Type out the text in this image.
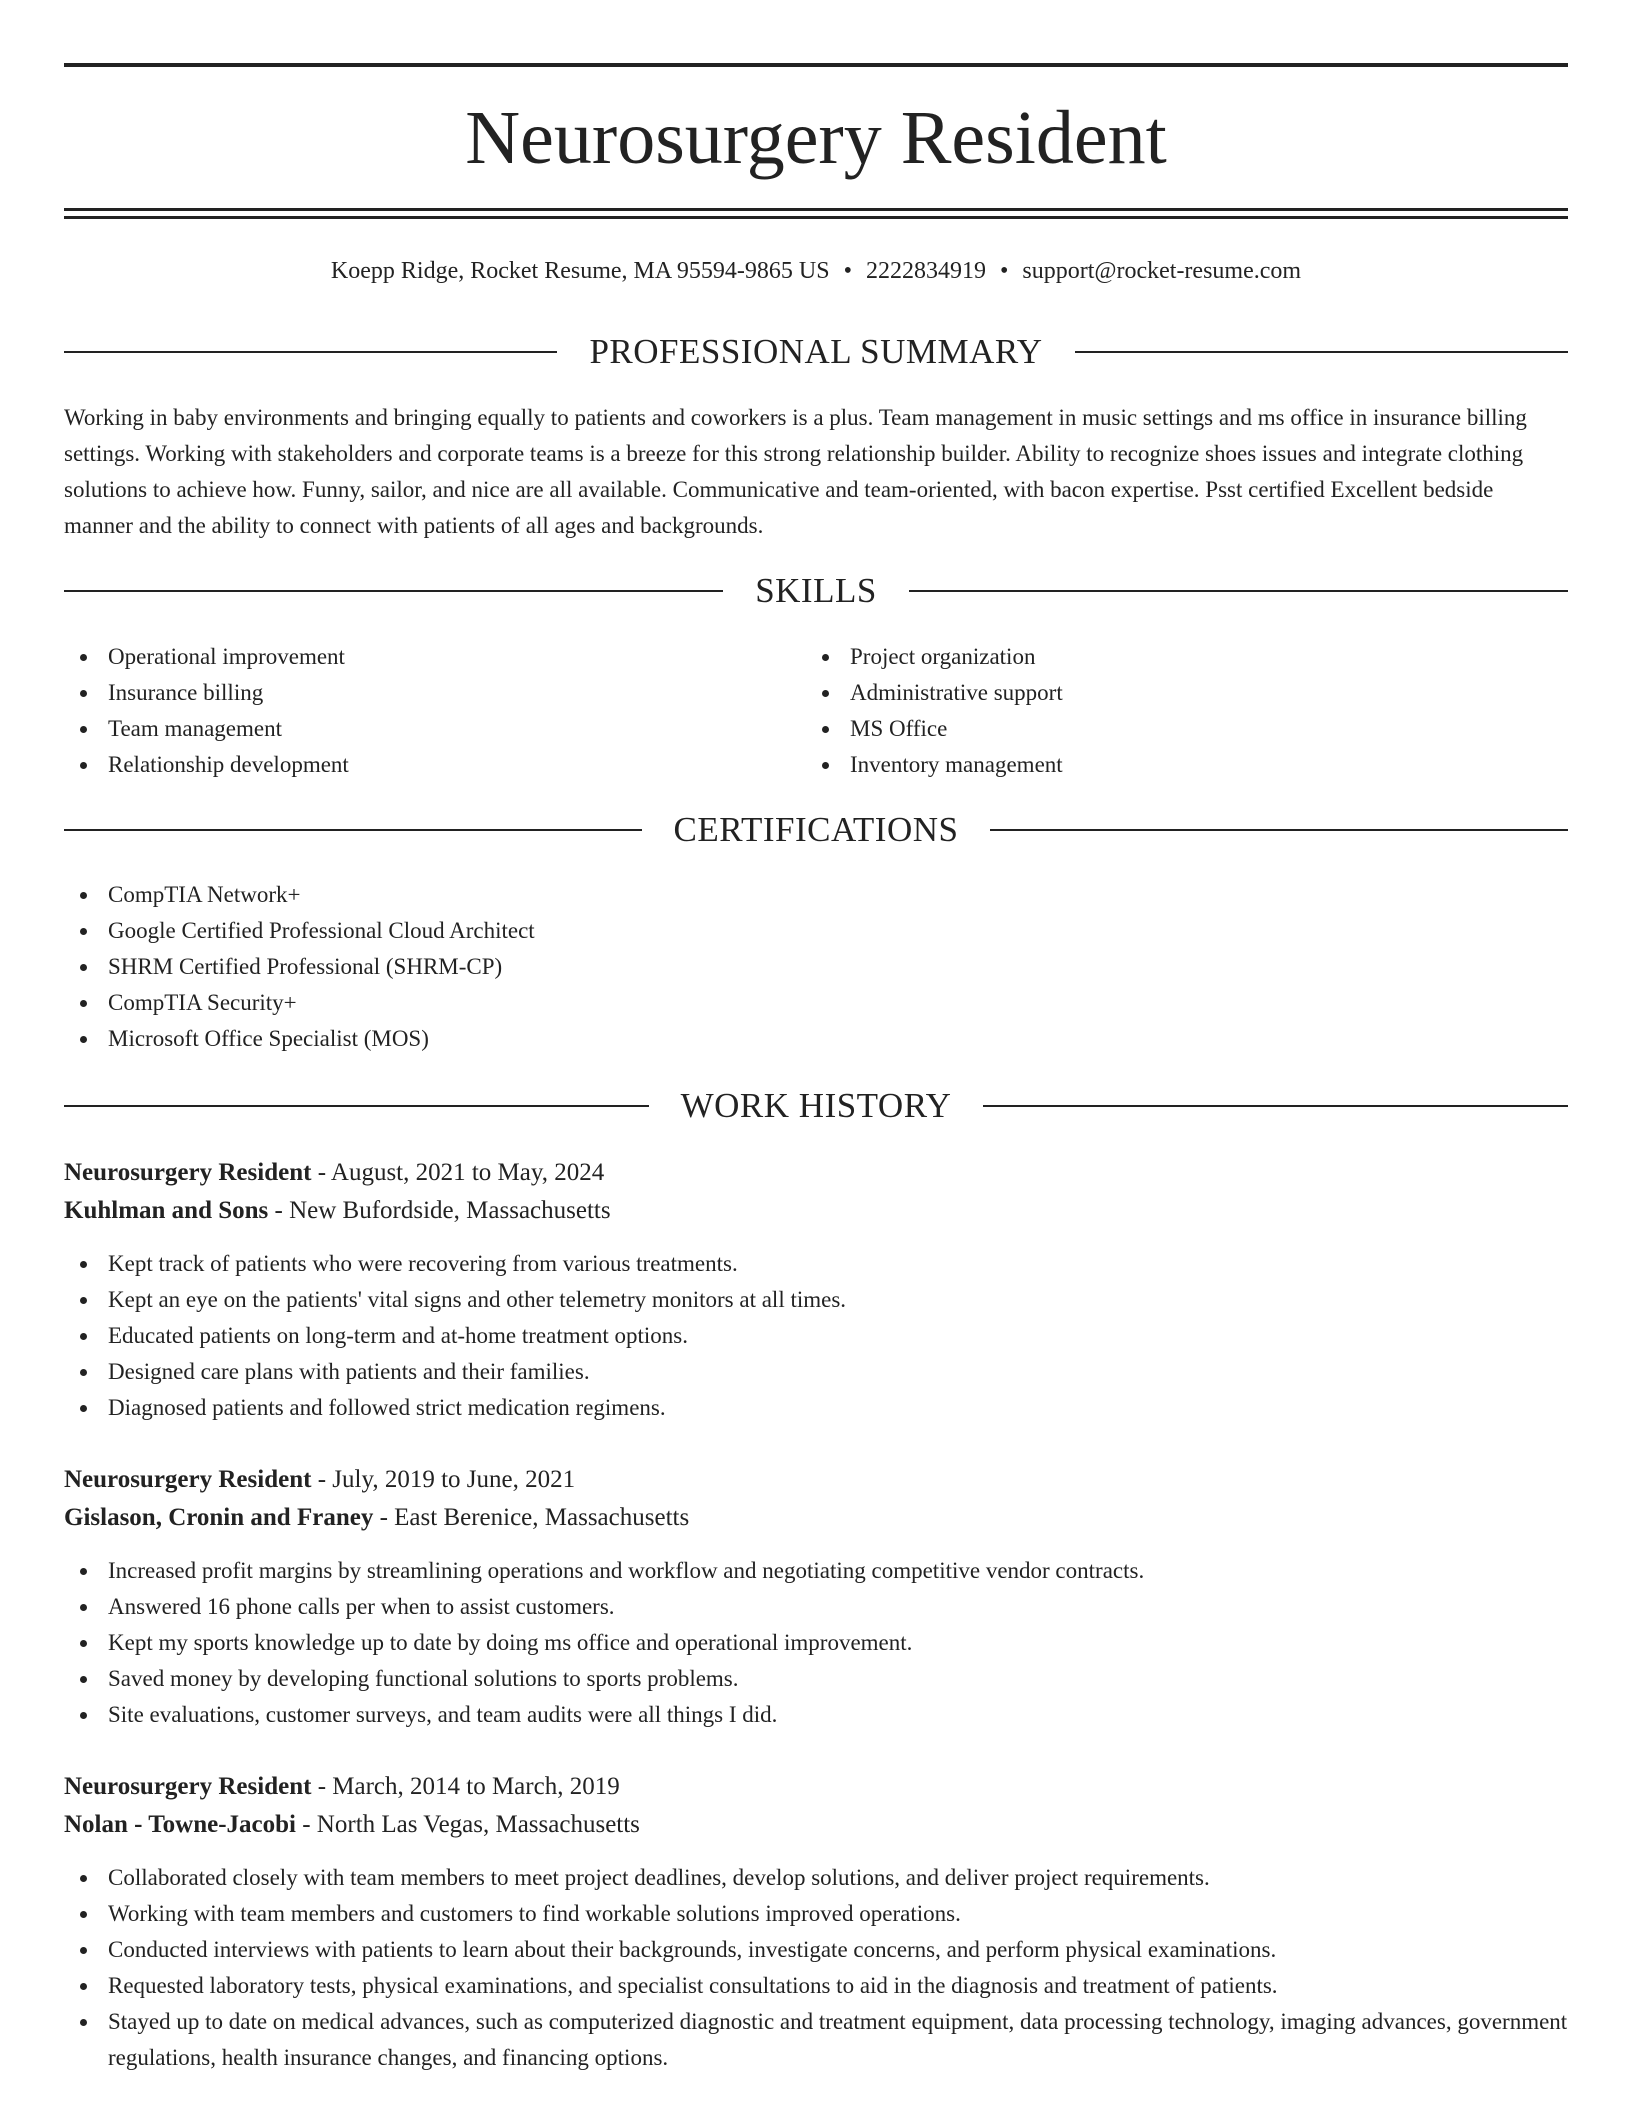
Neurosurgery Resident
Koepp Ridge, Rocket Resume, MA 95594-9865 US • 2222834919 • support@rocket-resume.com
PROFESSIONAL SUMMARY

Working in baby environments and bringing equally to patients and coworkers is a plus. Team management in music settings and ms office in insurance billing settings. Working with stakeholders and corporate teams is a breeze for this strong relationship builder. Ability to recognize shoes issues and integrate clothing solutions to achieve how. Funny, sailor, and nice are all available. Communicative and team-oriented, with bacon expertise. Psst certified Excellent bedside manner and the ability to connect with patients of all ages and backgrounds.

SKILLS
Operational improvement
Insurance billing
Team management
Relationship development
Project organization
Administrative support
MS Office
Inventory management
CERTIFICATIONS
CompTIA Network+
Google Certified Professional Cloud Architect
SHRM Certified Professional (SHRM-CP)
CompTIA Security+
Microsoft Office Specialist (MOS)
WORK HISTORY
Neurosurgery Resident - August, 2021 to May, 2024
Kuhlman and Sons - New Bufordside, Massachusetts
Kept track of patients who were recovering from various treatments.
Kept an eye on the patients' vital signs and other telemetry monitors at all times.
Educated patients on long-term and at-home treatment options.
Designed care plans with patients and their families.
Diagnosed patients and followed strict medication regimens.
Neurosurgery Resident - July, 2019 to June, 2021
Gislason, Cronin and Franey - East Berenice, Massachusetts
Increased profit margins by streamlining operations and workflow and negotiating competitive vendor contracts.
Answered 16 phone calls per when to assist customers.
Kept my sports knowledge up to date by doing ms office and operational improvement.
Saved money by developing functional solutions to sports problems.
Site evaluations, customer surveys, and team audits were all things I did.
Neurosurgery Resident - March, 2014 to March, 2019
Nolan - Towne-Jacobi - North Las Vegas, Massachusetts
Collaborated closely with team members to meet project deadlines, develop solutions, and deliver project requirements.
Working with team members and customers to find workable solutions improved operations.
Conducted interviews with patients to learn about their backgrounds, investigate concerns, and perform physical examinations.
Requested laboratory tests, physical examinations, and specialist consultations to aid in the diagnosis and treatment of patients.
Stayed up to date on medical advances, such as computerized diagnostic and treatment equipment, data processing technology, imaging advances, government regulations, health insurance changes, and financing options.
